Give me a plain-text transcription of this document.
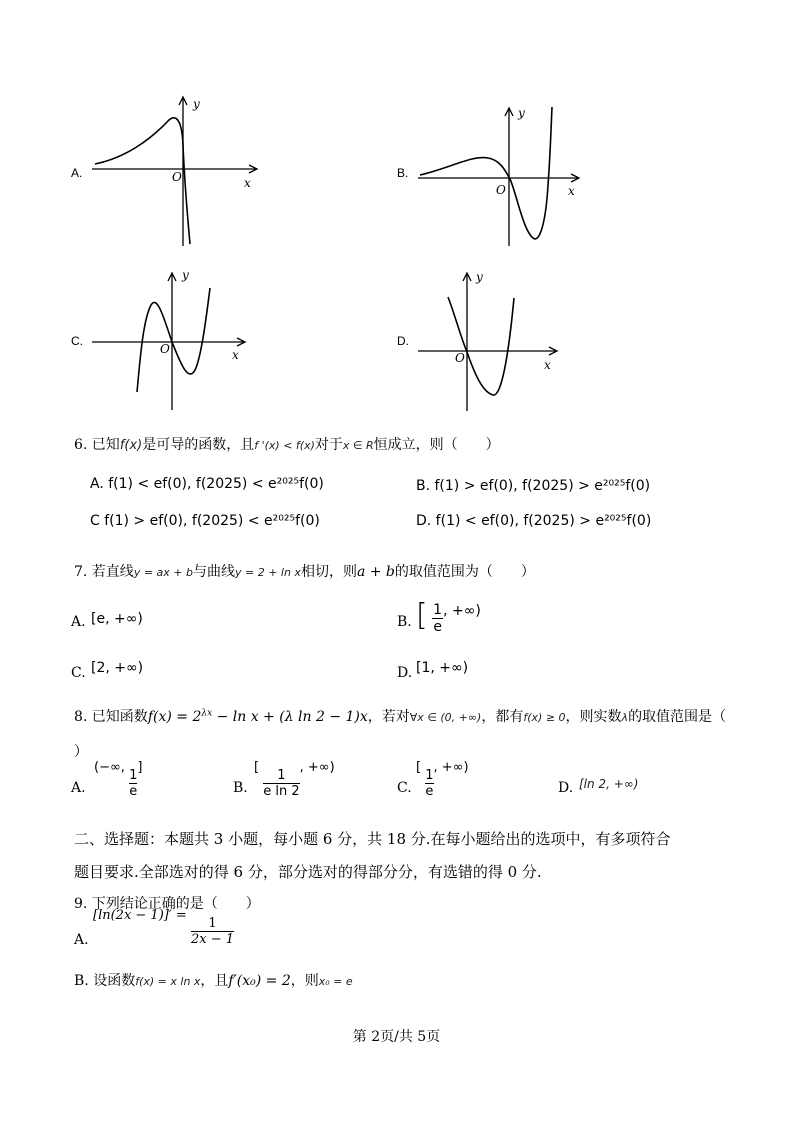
A.
y
x
O	B.
y
x
O
C.
y
x
O
D.
y
x
O
6. 已知f(x)是可导的函数，且f '(x) < f(x)对于x ∈ R恒成立，则（　　）
A. f(1) < ef(0), f(2025) < e²⁰²⁵f(0)	B. f(1) > ef(0), f(2025) > e²⁰²⁵f(0)
C f(1) > ef(0), f(2025) < e²⁰²⁵f(0)	D. f(1) < ef(0), f(2025) > e²⁰²⁵f(0)
7. 若直线y = ax + b与曲线y = 2 + ln x相切，则a + b的取值范围为（　　）
A. [e, +∞)	B. [ $\frac{1}{e}$ , +∞)
C. [2, +∞)	D. [1, +∞)
8. 已知函数$f(x) = 2^{\lambda x} - \ln x + (\lambda$ ln 2 − 1)x，若对∀x ∈ (0, +∞)，都有f(x) ≥ 0，则实数λ的取值范围是（
）
A.
(−∞,
$\frac{1}{e}$
]
B.
[
$\frac{1}{\text{e ln 2}}$
, +∞)
C.
[
$\frac{1}{e}$
, +∞)
D. [ln 2, +∞)
二、选择题：本题共 3 小题，每小题 6 分，共 18 分.在每小题给出的选项中，有多项符合
题目要求.全部选对的得 6 分，部分选对的得部分分，有选错的得 0 分.
9. 下列结论正确的是（　　）
A.
[ln(2x − 1)]′ =
$\frac{1}{2x - 1}$
B. 设函数f(x) = x ln x，且f′(x₀) = 2，则x₀ = e
第 2页/共 5页
